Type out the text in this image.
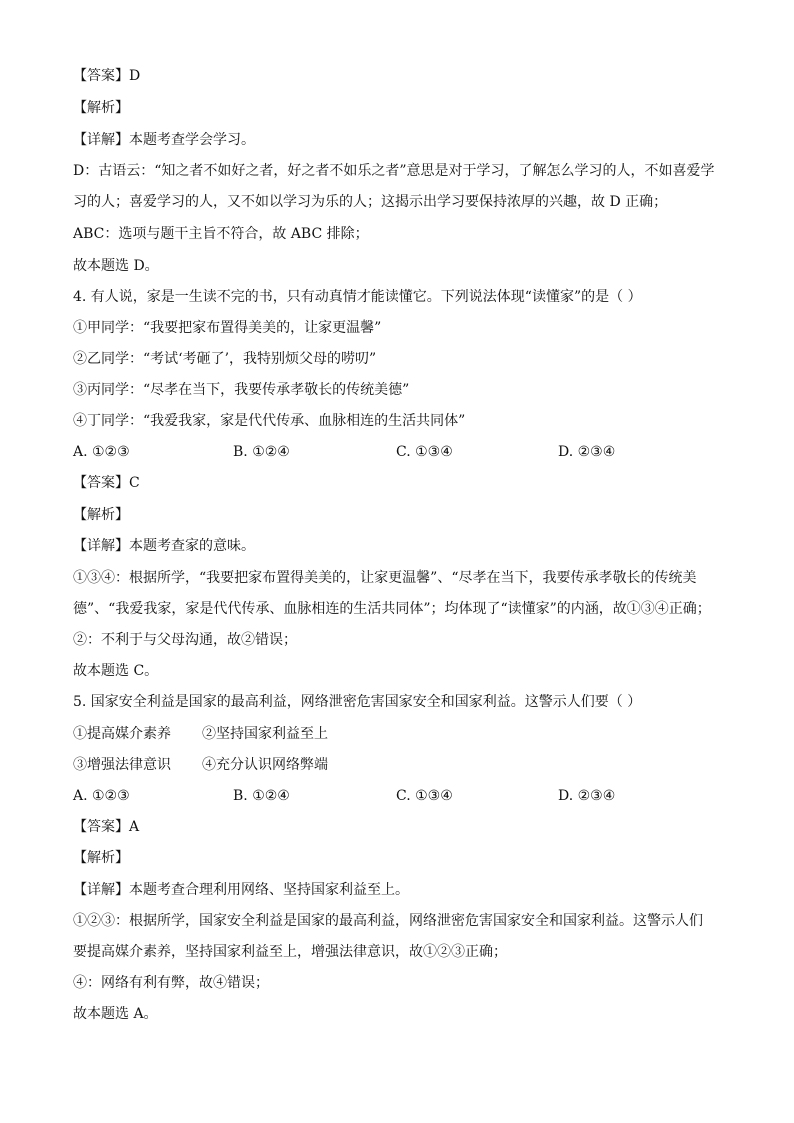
【答案】D
【解析】
【详解】本题考查学会学习。
D：古语云：“知之者不如好之者，好之者不如乐之者”意思是对于学习，了解怎么学习的人，不如喜爱学
习的人；喜爱学习的人，又不如以学习为乐的人；这揭示出学习要保持浓厚的兴趣，故 D 正确；
ABC：选项与题干主旨不符合，故 ABC 排除；
故本题选 D。
4. 有人说，家是一生读不完的书，只有动真情才能读懂它。下列说法体现“读懂家”的是（ ）
①甲同学：“我要把家布置得美美的，让家更温馨”
②乙同学：“考试‘考砸了’，我特别烦父母的唠叨”
③丙同学：“尽孝在当下，我要传承孝敬长的传统美德”
④丁同学：“我爱我家，家是代代传承、血脉相连的生活共同体”
A. ①②③	B. ①②④	C. ①③④	D. ②③④
【答案】C
【解析】
【详解】本题考查家的意味。
①③④：根据所学，“我要把家布置得美美的，让家更温馨”、“尽孝在当下，我要传承孝敬长的传统美
德”、“我爱我家，家是代代传承、血脉相连的生活共同体”；均体现了“读懂家”的内涵，故①③④正确；
②：不利于与父母沟通，故②错误；
故本题选 C。
5. 国家安全利益是国家的最高利益，网络泄密危害国家安全和国家利益。这警示人们要（ ）
①提高媒介素养 ②坚持国家利益至上
③增强法律意识 ④充分认识网络弊端
A. ①②③	B. ①②④	C. ①③④	D. ②③④
【答案】A
【解析】
【详解】本题考查合理利用网络、坚持国家利益至上。
①②③：根据所学，国家安全利益是国家的最高利益，网络泄密危害国家安全和国家利益。这警示人们
要提高媒介素养，坚持国家利益至上，增强法律意识，故①②③正确；
④：网络有利有弊，故④错误；
故本题选 A。
